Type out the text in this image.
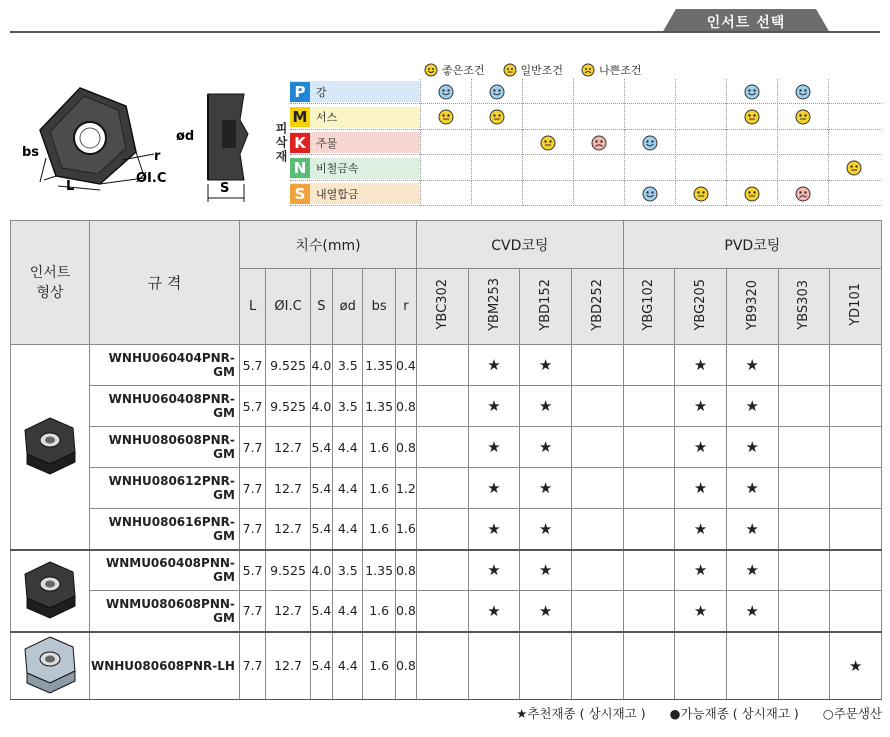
인서트 선택
bs	r
L
ØI.C
ød
S
좋은조건	일반조건	나쁜조건
피삭재
P 강
M 서스
K 주물
N 비철금속
S 내열합금
인서트 형상	규 격	치수(mm)						CVD코팅				PVD코팅				
		L	ØI.C	S	ød	bs	r	YBC302	YBM253	YBD152	YBD252	YBG102	YBG205	YB9320	YBS303	YD101
	WNHU060404PNR-GM	5.7	9.525	4.0	3.5	1.35	0.4		★	★			★	★		
	WNHU060408PNR-GM	5.7	9.525	4.0	3.5	1.35	0.8		★	★			★	★		
	WNHU080608PNR-GM	7.7	12.7	5.4	4.4	1.6	0.8		★	★			★	★		
	WNHU080612PNR-GM	7.7	12.7	5.4	4.4	1.6	1.2		★	★			★	★		
	WNHU080616PNR-GM	7.7	12.7	5.4	4.4	1.6	1.6		★	★			★	★		
	WNMU060408PNN-GM	5.7	9.525	4.0	3.5	1.35	0.8		★	★			★	★		
	WNMU080608PNN-GM	7.7	12.7	5.4	4.4	1.6	0.8		★	★			★	★		
	WNHU080608PNR-LH	7.7	12.7	5.4	4.4	1.6	0.8									★
★추천재종 ( 상시재고 ) ●가능재종 ( 상시재고 ) ○주문생산
